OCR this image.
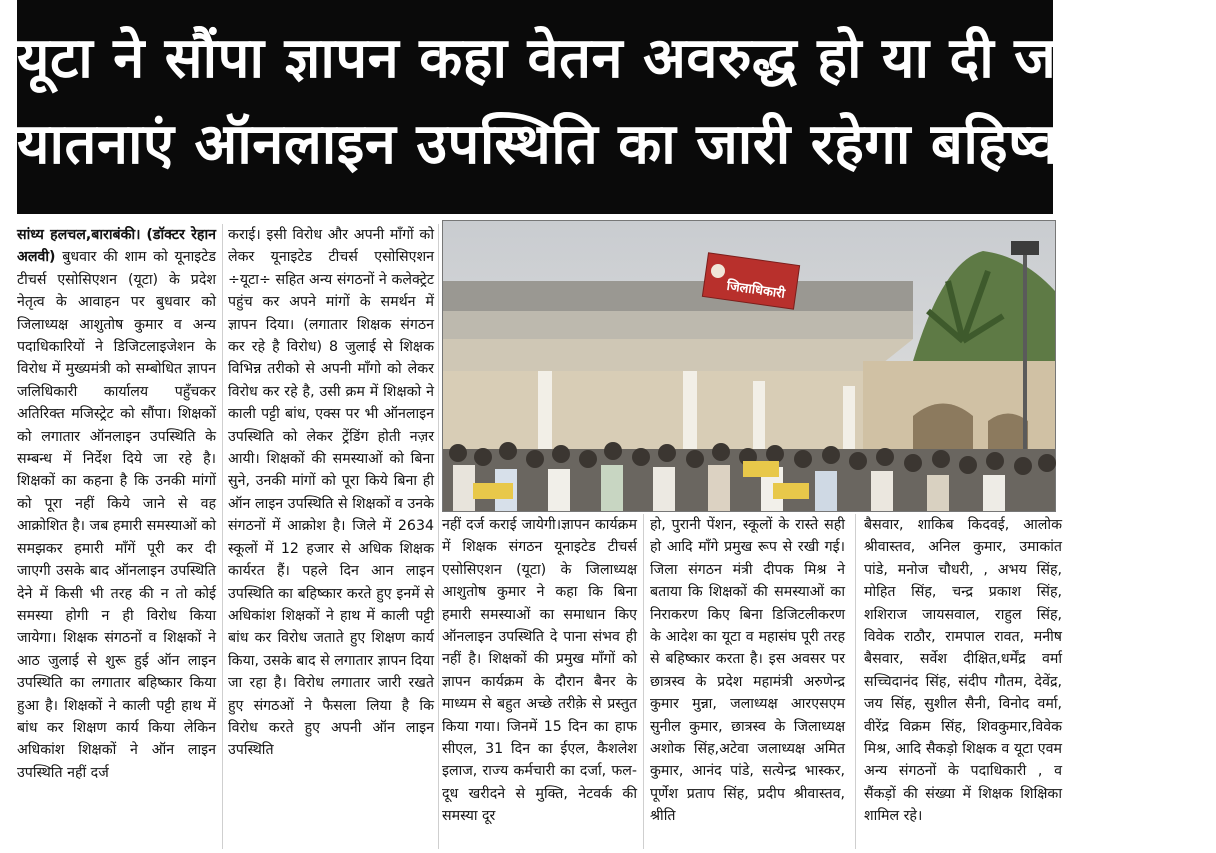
यूटा ने सौंपा ज्ञापन कहा वेतन अवरुद्ध हो या दी जाए अन्य
यातनाएं ऑनलाइन उपस्थिति का जारी रहेगा बहिष्कार

सांध्य हलचल,बाराबंकी। (डॉक्टर रेहान अलवी) बुधवार की शाम को यूनाइटेड टीचर्स एसोसिएशन (यूटा) के प्रदेश नेतृत्व के आवाहन पर बुधवार को जिलाध्यक्ष आशुतोष कुमार व अन्य पदाधिकारियों ने डिजिटलाइजेशन के विरोध में मुख्यमंत्री को सम्बोधित ज्ञापन जलिधिकारी कार्यालय पहुँचकर अतिरिक्त मजिस्ट्रेट को सौंपा। शिक्षकों को लगातार ऑनलाइन उपस्थिति के सम्बन्ध में निर्देश दिये जा रहे है। शिक्षकों का कहना है कि उनकी मांगों को पूरा नहीं किये जाने से वह आक्रोशित है। जब हमारी समस्याओं को समझकर हमारी माँगें पूरी कर दी जाएगी उसके बाद ऑनलाइन उपस्थिति देने में किसी भी तरह की न तो कोई समस्या होगी न ही विरोध किया जायेगा। शिक्षक संगठनों व शिक्षकों ने आठ जुलाई से शुरू हुई ऑन लाइन उपस्थिति का लगातार बहिष्कार किया हुआ है। शिक्षकों ने काली पट्टी हाथ में बांध कर शिक्षण कार्य किया लेकिन अधिकांश शिक्षकों ने ऑन लाइन उपस्थिति नहीं दर्ज

कराई। इसी विरोध और अपनी माँगों को लेकर यूनाइटेड टीचर्स एसोसिएशन ÷यूटा÷ सहित अन्य संगठनों ने कलेक्ट्रेट पहुंच कर अपने मांगों के समर्थन में ज्ञापन दिया। (लगातार शिक्षक संगठन कर रहे है विरोध) 8 जुलाई से शिक्षक विभिन्न तरीको से अपनी माँगो को लेकर विरोध कर रहे है, उसी क्रम में शिक्षको ने काली पट्टी बांध, एक्स पर भी ऑनलाइन उपस्थिति को लेकर ट्रेंडिंग होती नज़र आयी। शिक्षकों की समस्याओं को बिना सुने, उनकी मांगों को पूरा किये बिना ही ऑन लाइन उपस्थिति से शिक्षकों व उनके संगठनों में आक्रोश है। जिले में 2634 स्कूलों में 12 हजार से अधिक शिक्षक कार्यरत हैं। पहले दिन आन लाइन उपस्थिति का बहिष्कार करते हुए इनमें से अधिकांश शिक्षकों ने हाथ में काली पट्टी बांध कर विरोध जताते हुए शिक्षण कार्य किया, उसके बाद से लगातार ज्ञापन दिया जा रहा है। विरोध लगातार जारी रखते हुए संगठओं ने फैसला लिया है कि विरोध करते हुए अपनी ऑन लाइन उपस्थिति

जिलाधिकारी

नहीं दर्ज कराई जायेगी।ज्ञापन कार्यक्रम में शिक्षक संगठन यूनाइटेड टीचर्स एसोसिएशन (यूटा) के जिलाध्यक्ष आशुतोष कुमार ने कहा कि बिना हमारी समस्याओं का समाधान किए ऑनलाइन उपस्थिति दे पाना संभव ही नहीं है। शिक्षकों की प्रमुख माँगों को ज्ञापन कार्यक्रम के दौरान बैनर के माध्यम से बहुत अच्छे तरीक़े से प्रस्तुत किया गया। जिनमें 15 दिन का हाफ सीएल, 31 दिन का ईएल, कैशलेश इलाज, राज्य कर्मचारी का दर्जा, फल-दूध खरीदने से मुक्ति, नेटवर्क की समस्या दूर

हो, पुरानी पेंशन, स्कूलों के रास्ते सही हो आदि माँगे प्रमुख रूप से रखी गई। जिला संगठन मंत्री दीपक मिश्र ने बताया कि शिक्षकों की समस्याओं का निराकरण किए बिना डिजिटलीकरण के आदेश का यूटा व महासंघ पूरी तरह से बहिष्कार करता है। इस अवसर पर छात्रस्व के प्रदेश महामंत्री अरुणेन्द्र कुमार मुन्ना, जलाध्यक्ष आरएसएम सुनील कुमार, छात्रस्व के जिलाध्यक्ष अशोक सिंह,अटेवा जलाध्यक्ष अमित कुमार, आनंद पांडे, सत्येन्द्र भास्कर, पूर्णेश प्रताप सिंह, प्रदीप श्रीवास्तव, श्रीति

बैसवार, शाकिब किदवई, आलोक श्रीवास्तव, अनिल कुमार, उमाकांत पांडे, मनोज चौधरी, , अभय सिंह, मोहित सिंह, चन्द्र प्रकाश सिंह, शशिराज जायसवाल, राहुल सिंह, विवेक राठौर, रामपाल रावत, मनीष बैसवार, सर्वेश दीक्षित,धर्मेंद्र वर्मा सच्चिदानंद सिंह, संदीप गौतम, देवेंद्र, जय सिंह, सुशील सैनी, विनोद वर्मा, वीरेंद्र विक्रम सिंह, शिवकुमार,विवेक मिश्र, आदि सैकड़ो शिक्षक व यूटा एवम अन्य संगठनों के पदाधिकारी , व सैंकड़ों की संख्या में शिक्षक शिक्षिका शामिल रहे।
